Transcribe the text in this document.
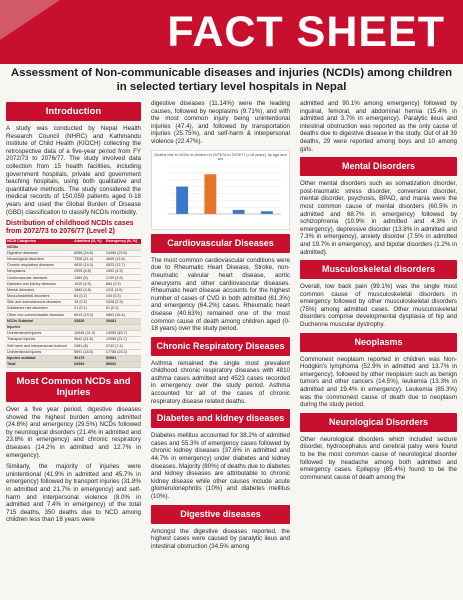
FACT SHEET
Assessment of Non-communicable diseases and injuries (NCDIs) among children in selected tertiary level hospitals in Nepal
Introduction

A study was conducted by Nepal Health Research Council (NHRC) and Kathmandu Institute of Child Health (KIOCH) collecting the retrospective data of a five-year period from FY 2072/73 to 2076/77. The study involved data collection from 15 health facilities, including government hospitals, private and government teaching hospitals, using both qualitative and quantitative methods. The study considered the medical records of 150,059 patients aged 0-18 years and used the Global Burden of Disease (GBD) classification to classify NCDIs morbidity.

Distribution of childhood NCDIs cases from 2072/73 to 2076/77 (Level 2)
NCDI Categories	Admitted (N, %)	Emergency (N, %)
NCDIs		
Digestive diseases	8289 (24.8)	10466 (29.5)
Neurological disorders	7306 (21.4)	4849 (13.6)
Chronic respiratory diseases	4810 (14.0)	4523 (12.7)
Neoplasms	2595 (6.8)	1593 (4.5)
Cardiovascular diseases	1483 (5)	1709 (3.6)
Diabetes and kidney diseases	1510 (4.5)	884 (2.5)
Mental disorders	1683 (3.8)	1211 (3.5)
Musculoskeletal disorders	64 (0.2)	104 (0.3)
Skin and subcutaneous diseases	15 (0.3)	1028 (2.9)
Substance use disorders	21 (0.1)	91 (0.3)
Other non-communicable diseases	6513 (19.3)	5863 (16.4)
NCDs Subtotal	33825	35481
Injuries		
Unintentional injuries	12649 (41.9)	13055 (45.7)
Transport injuries	9542 (31.6)	12056 (21.7)
Self-harm and interpersonal violence	2481 (8)	3742 (7.4)
Unintentional injuries	5591 (18.5)	17768 (25.3)
Injuries subtotal	30179	50981
Total	63994	86062
Most Common NCDs and Injuries

Over a five year period, digestive diseases showed the highest burden among admitted (24.8%) and emergency (29.5%) NCDs followed by neurological disorders (21.4% in admitted and 23.8% in emergency) and chronic respiratory diseases (14.2% in admitted and 12.7% in emergency).

Similarly, the majority of injuries were unintentional (41.9% in admitted and 45.7% in emergency) followed by transport injuries (31.8% in admitted and 21.7% in emergency) and self-harm and interpersonal violence (8.0% in admitted and 7.4% in emergency) of the total 715 deaths, 350 deaths due to NCD among children less than 18 years were

digestive diseases (11.14%) were the leading causes, followed by neoplasms (9.71%), and with the most common injury being unintentional injuries (47.4), and followed by transportation injuries (25.75%), and self-harm & interpersonal violence (22.47%).

Deaths due to NCDs in children in 2073/74 to 2076/77 (<18 years), by age and sex
Cardiovascular Diseases

The most common cardiovascular conditions were due to Rheumatic Heart Disease, Stroke, non-rheumatic valvular heart disease, aortic aneurysms and other cardiovascular diseases. Rheumatic heart disease accounts for the highest number of cases of CVD in both admitted (61.3%) and emergency (64.2%) cases. Rheumatic heart disease (40.63%) remained one of the most common cause of death among children aged (0-18 years) over the study period.

Chronic Respiratory Diseases

Asthma remained the single most prevalent childhood chronic respiratory diseases with 4810 asthma cases admitted and 4523 cases recorded in emergency over the study period. Asthma accounted for all of the cases of chronic respiratory disease related deaths.

Diabetes and kidney diseases

Diabetes mellitus accounted for 38.2% of admitted cases and 55.3% of emergency cases followed by chronic kidney diseases (37.6% in admitted and 44.7% in emergency) under diabetes and kidney diseases. Majority (80%) of deaths due to diabetes and kidney diseases are attributable to chronic kidney disease while other causes include acute glomerulonephritis (10%) and diabetes mellitus (10%).

Digestive diseases

Amongst the digestive diseases reported, the highest cases were caused by paralytic ileus and intestinal obstruction (34.5% among

admitted and 90.1% among emergency) followed by inguinal, femoral, and abdominal hernia (15.4% in admitted and 3.7% in emergency). Paralytic ileus and intestinal obstruction was reported as the only cause of deaths due to digestive disease in the study. Out of all 39 deaths, 29 were reported among boys and 10 among girls.

Mental Disorders

Other mental disorders such as somatization disorder, post-traumatic stress disorder, conversion disorder, mental disorder, psychosis, BPAD, and mania were the most common cause of mental disorders (60.5% in admitted and 68.7% in emergency) followed by schizophrenia (10.9% in admitted and 4.3% in emergency), depressive disorder (13.8% in admitted and 7.3% in emergency), anxiety disorder (7.5% in admitted and 19.7% in emergency), and bipolar disorders (1.2% in admitted).

Musculoskeletal disorders

Overall, low back pain (99.1%) was the single most common cause of musculoskeletal disorders in emergency followed by other musculoskeletal disorders (75%) among admitted cases. Other musculoskeletal disorders comprise developmental dysplasia of hip and Duchenne muscular dystrophy.

Neoplasms

Commonest neoplasm reported in children was Non-Hodgkin's lymphoma (52.9% in admitted and 13.7% in emergency), followed by other neoplasm such as benign tumors and other cancers (14.5%), leukemia (13.3% in admitted and 19.4% in emergency). Leukemia (85.3%) was the commonest cause of death due to neoplasm during the study period.

Neurological Disorders

Other neurological disorders which included seizure disorder, hydrocephalus and cerebral palsy were found to be the most common cause of neurological disorder followed by headache among both admitted and emergency cases. Epilepsy (85.4%) found to be the commonest cause of death among the
